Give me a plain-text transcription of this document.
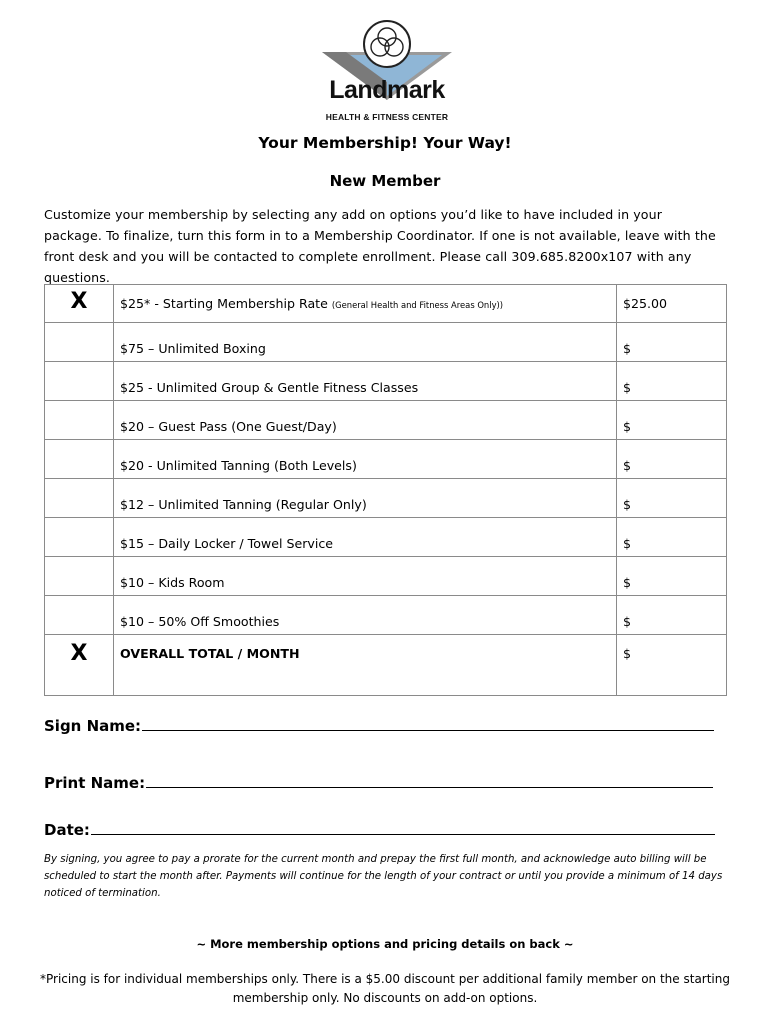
Landmark
HEALTH & FITNESS CENTER
Your Membership! Your Way!
New Member
Customize your membership by selecting any add on options you’d like to have included in your package. To finalize, turn this form in to a Membership Coordinator. If one is not available, leave with the front desk and you will be contacted to complete enrollment. Please call 309.685.8200x107 with any questions.
X	$25* - Starting Membership Rate (General Health and Fitness Areas Only))	$25.00
	$75 – Unlimited Boxing	$
	$25 - Unlimited Group & Gentle Fitness Classes	$
	$20 – Guest Pass (One Guest/Day)	$
	$20 - Unlimited Tanning (Both Levels)	$
	$12 – Unlimited Tanning (Regular Only)	$
	$15 – Daily Locker / Towel Service	$
	$10 – Kids Room	$
	$10 – 50% Off Smoothies	$
X	OVERALL TOTAL / MONTH	$
Sign Name:
Print Name:
Date:
By signing, you agree to pay a prorate for the current month and prepay the first full month, and acknowledge auto billing will be scheduled to start the month after. Payments will continue for the length of your contract or until you provide a minimum of 14 days noticed of termination.
~ More membership options and pricing details on back ~
*Pricing is for individual memberships only. There is a $5.00 discount per additional family member on the starting membership only. No discounts on add-on options.
